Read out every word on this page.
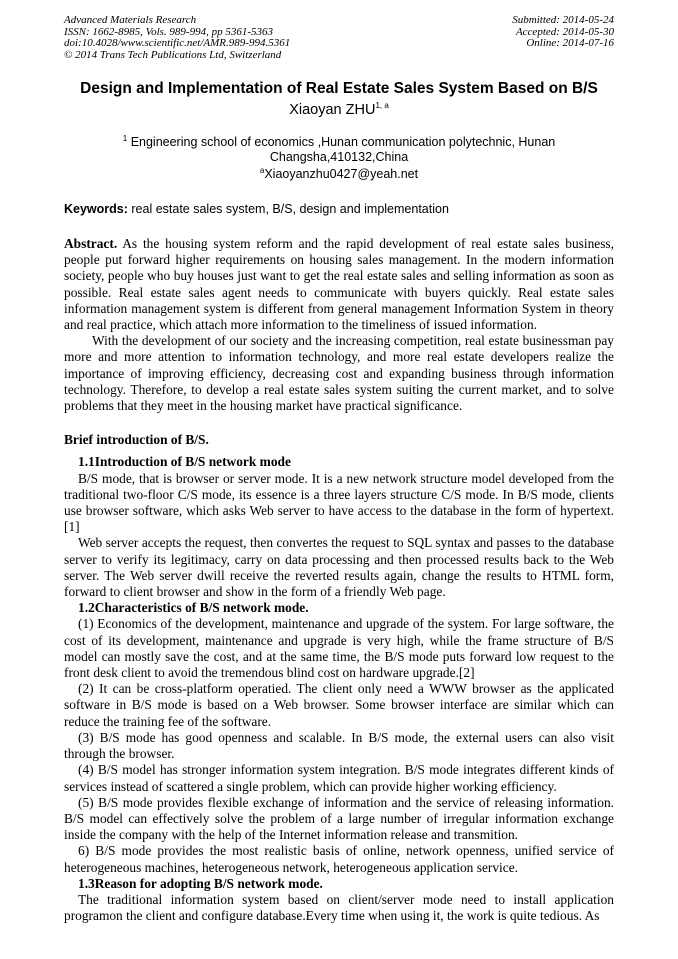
Advanced Materials Research
ISSN: 1662-8985, Vols. 989-994, pp 5361-5363
doi:10.4028/www.scientific.net/AMR.989-994.5361
© 2014 Trans Tech Publications Ltd, Switzerland
Submitted: 2014-05-24
Accepted: 2014-05-30
Online: 2014-07-16
Design and Implementation of Real Estate Sales System Based on B/S
Xiaoyan ZHU$^{1, a}$
$^1$ Engineering school of economics ,Hunan communication polytechnic, Hunan
Changsha,410132,China
$^a$Xiaoyanzhu0427@yeah.net
Keywords: real estate sales system, B/S, design and implementation

Abstract. As the housing system reform and the rapid development of real estate sales business, people put forward higher requirements on housing sales management. In the modern information society, people who buy houses just want to get the real estate sales and selling information as soon as possible. Real estate sales agent needs to communicate with buyers quickly. Real estate sales information management system is different from general management Information System in theory and real practice, which attach more information to the timeliness of issued information.

With the development of our society and the increasing competition, real estate businessman pay more and more attention to information technology, and more real estate developers realize the importance of improving efficiency, decreasing cost and expanding business through information technology. Therefore, to develop a real estate sales system suiting the current market, and to solve problems that they meet in the housing market have practical significance.

Brief introduction of B/S.

1.1Introduction of B/S network mode

B/S mode, that is browser or server mode. It is a new network structure model developed from the traditional two-floor C/S mode, its essence is a three layers structure C/S mode. In B/S mode, clients use browser software, which asks Web server to have access to the database in the form of hypertext.[1]

Web server accepts the request, then convertes the request to SQL syntax and passes to the database server to verify its legitimacy, carry on data processing and then processed results back to the Web server. The Web server dwill receive the reverted results again, change the results to HTML form, forward to client browser and show in the form of a friendly Web page.

1.2Characteristics of B/S network mode.

(1) Economics of the development, maintenance and upgrade of the system. For large software, the cost of its development, maintenance and upgrade is very high, while the frame structure of B/S model can mostly save the cost, and at the same time, the B/S mode puts forward low request to the front desk client to avoid the tremendous blind cost on hardware upgrade.[2]

(2) It can be cross-platform operatied. The client only need a WWW browser as the applicated software in B/S mode is based on a Web browser. Some browser interface are similar which can reduce the training fee of the software.

(3) B/S mode has good openness and scalable. In B/S mode, the external users can also visit through the browser.

(4) B/S model has stronger information system integration. B/S mode integrates different kinds of services instead of scattered a single problem, which can provide higher working efficiency.

(5) B/S mode provides flexible exchange of information and the service of releasing information. B/S model can effectively solve the problem of a large number of irregular information exchange inside the company with the help of the Internet information release and transmition.

6) B/S mode provides the most realistic basis of online, network openness, unified service of heterogeneous machines, heterogeneous network, heterogeneous application service.

1.3Reason for adopting B/S network mode.

The traditional information system based on client/server mode need to install application programon the client and configure database.Every time when using it, the work is quite tedious. As
